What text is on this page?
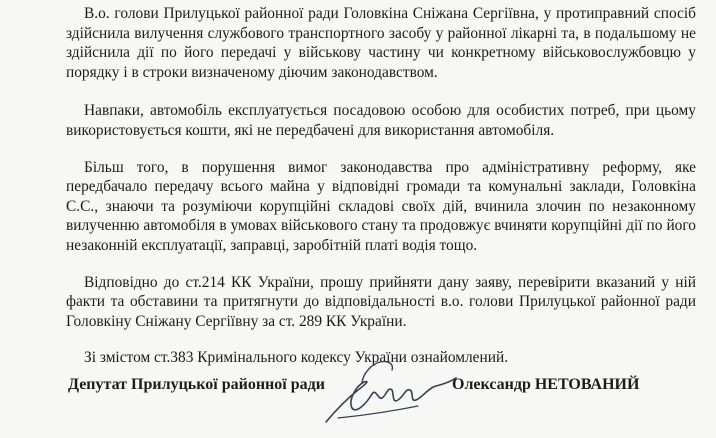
В.о. голови Прилуцької районної ради Головкіна Сніжана Сергіївна, у протиправний спосіб здійснила вилучення службового транспортного засобу у районної лікарні та, в подальшому не здійснила дії по його передачі у військову частину чи конкретному військовослужбовцю у порядку і в строки визначеному діючим законодавством.

Навпаки, автомобіль експлуатується посадовою особою для особистих потреб, при цьому використовується кошти, які не передбачені для використання автомобіля.

Більш того, в порушення вимог законодавства про адміністративну реформу, яке передбачало передачу всього майна у відповідні громади та комунальні заклади, Головкіна С.С., знаючи та розуміючи корупційні складові своїх дій, вчинила злочин по незаконному вилученню автомобіля в умовах військового стану та продовжує вчиняти корупційні дії по його незаконній експлуатації, заправці, заробітній платі водія тощо.

Відповідно до ст.214 КК України, прошу прийняти дану заяву, перевірити вказаний у ній факти та обставини та притягнути до відповідальності в.о. голови Прилуцької районної ради Головкіну Сніжану Сергіївну за ст. 289 КК України.

Зі змістом ст.383 Кримінального кодексу України ознайомлений.

Депутат Прилуцької районної ради	Олександр НЕТОВАНИЙ
